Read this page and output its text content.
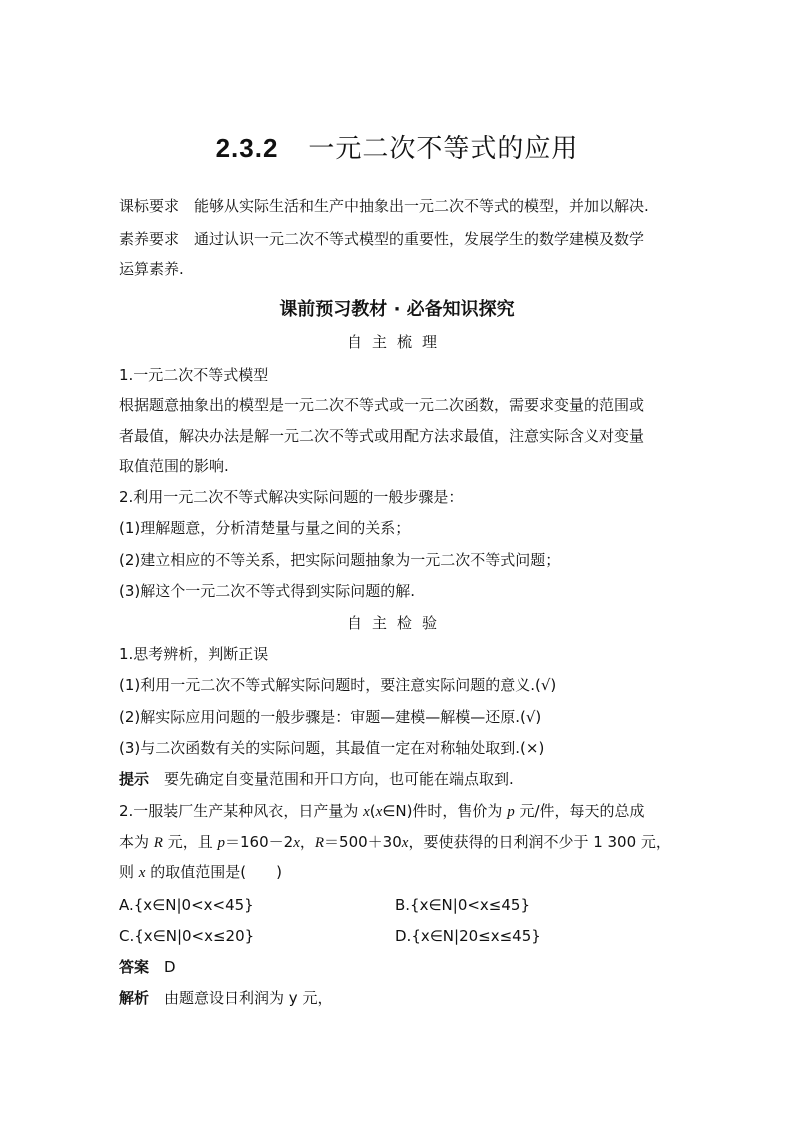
2.3.2 一元二次不等式的应用
课标要求　 能够从实际生活和生产中抽象出一元二次不等式的模型，并加以解决.
素养要求　 通过认识一元二次不等式模型的重要性，发展学生的数学建模及数学
运算素养.
课前预习教材 · 必备知识探究
自主梳理
1.一元二次不等式模型
根据题意抽象出的模型是一元二次不等式或一元二次函数，需要求变量的范围或
者最值，解决办法是解一元二次不等式或用配方法求最值，注意实际含义对变量
取值范围的影响.
2.利用一元二次不等式解决实际问题的一般步骤是：
(1)理解题意，分析清楚量与量之间的关系；
(2)建立相应的不等关系，把实际问题抽象为一元二次不等式问题；
(3)解这个一元二次不等式得到实际问题的解.
自主检验
1.思考辨析，判断正误
(1)利用一元二次不等式解实际问题时，要注意实际问题的意义.(√)
(2)解实际应用问题的一般步骤是：审题—建模—解模—还原.(√)
(3)与二次函数有关的实际问题，其最值一定在对称轴处取到.(×)
提示　 要先确定自变量范围和开口方向，也可能在端点取到.
2.一服装厂生产某种风衣，日产量为 x(x∈N)件时，售价为 p 元/件，每天的总成
本为 R 元，且 p＝160－2x，R＝500＋30x，要使获得的日利润不少于 1 300 元，
则 x 的取值范围是(　　)
A.{x∈N|0<x<45}	B.{x∈N|0<x≤45}
C.{x∈N|0<x≤20}	D.{x∈N|20≤x≤45}
答案　 D
解析　 由题意设日利润为 y 元，
